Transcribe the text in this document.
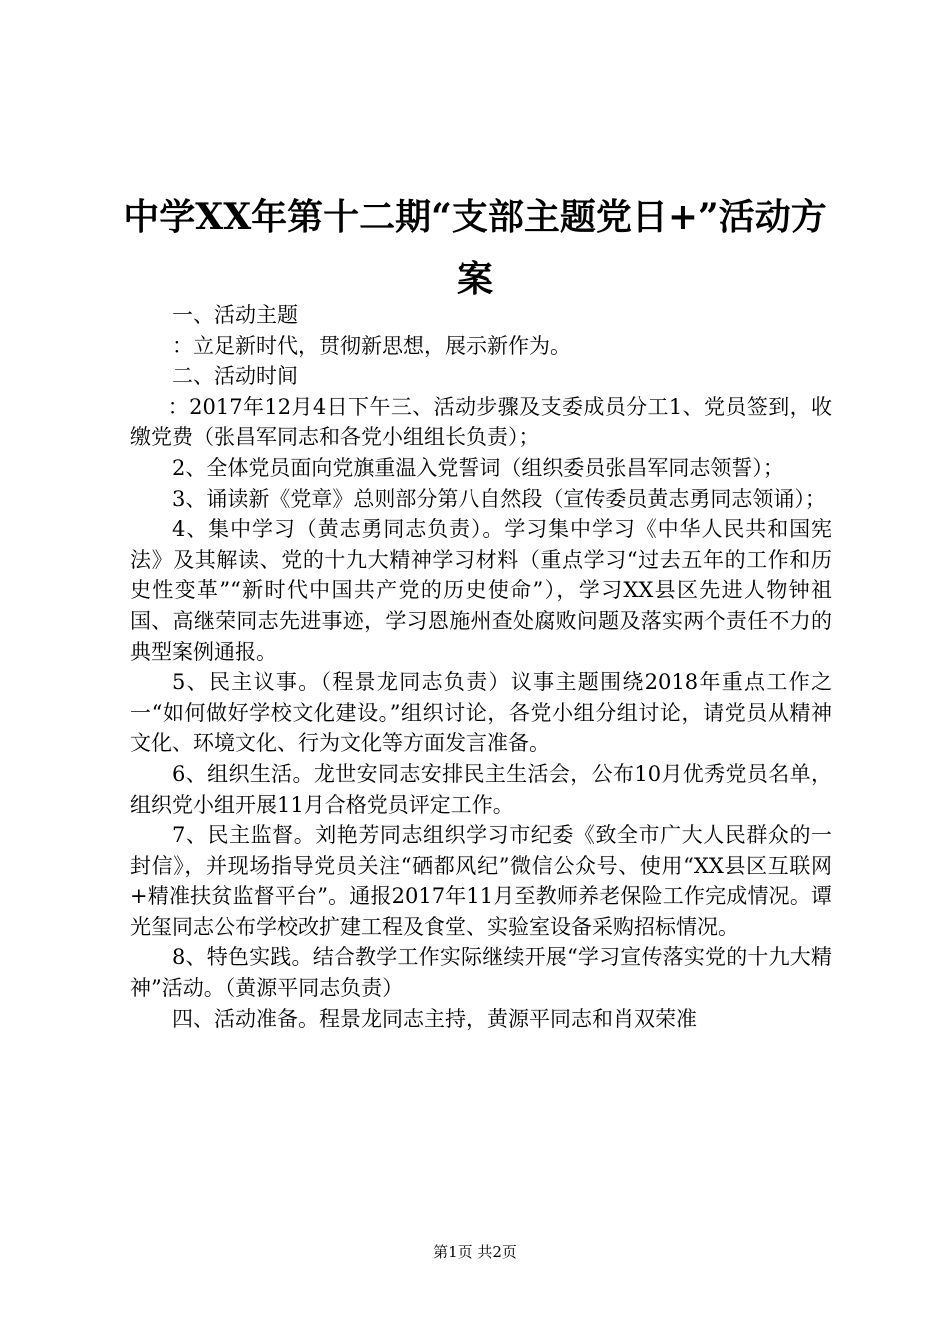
中学XX年第十二期“支部主题党日+”活动方案

一、活动主题

：立足新时代，贯彻新思想，展示新作为。

二、活动时间

：2017年12月4日下午三、活动步骤及支委成员分工1、党员签到，收缴党费（张昌军同志和各党小组组长负责）；

2、全体党员面向党旗重温入党誓词（组织委员张昌军同志领誓）；

3、诵读新《党章》总则部分第八自然段（宣传委员黄志勇同志领诵）；

4、集中学习（黄志勇同志负责）。学习集中学习《中华人民共和国宪法》及其解读、党的十九大精神学习材料（重点学习“过去五年的工作和历史性变革”“新时代中国共产党的历史使命”），学习XX县区先进人物钟祖国、高继荣同志先进事迹，学习恩施州查处腐败问题及落实两个责任不力的典型案例通报。

5、民主议事。（程景龙同志负责）议事主题围绕2018年重点工作之一“如何做好学校文化建设。”组织讨论，各党小组分组讨论，请党员从精神文化、环境文化、行为文化等方面发言准备。

6、组织生活。龙世安同志安排民主生活会，公布10月优秀党员名单，组织党小组开展11月合格党员评定工作。

7、民主监督。刘艳芳同志组织学习市纪委《致全市广大人民群众的一封信》，并现场指导党员关注“硒都风纪”微信公众号、使用“XX县区互联网+精准扶贫监督平台”。通报2017年11月至教师养老保险工作完成情况。谭光玺同志公布学校改扩建工程及食堂、实验室设备采购招标情况。

8、特色实践。结合教学工作实际继续开展“学习宣传落实党的十九大精神”活动。（黄源平同志负责）

四、活动准备。程景龙同志主持，黄源平同志和肖双荣准

第1页 共2页
